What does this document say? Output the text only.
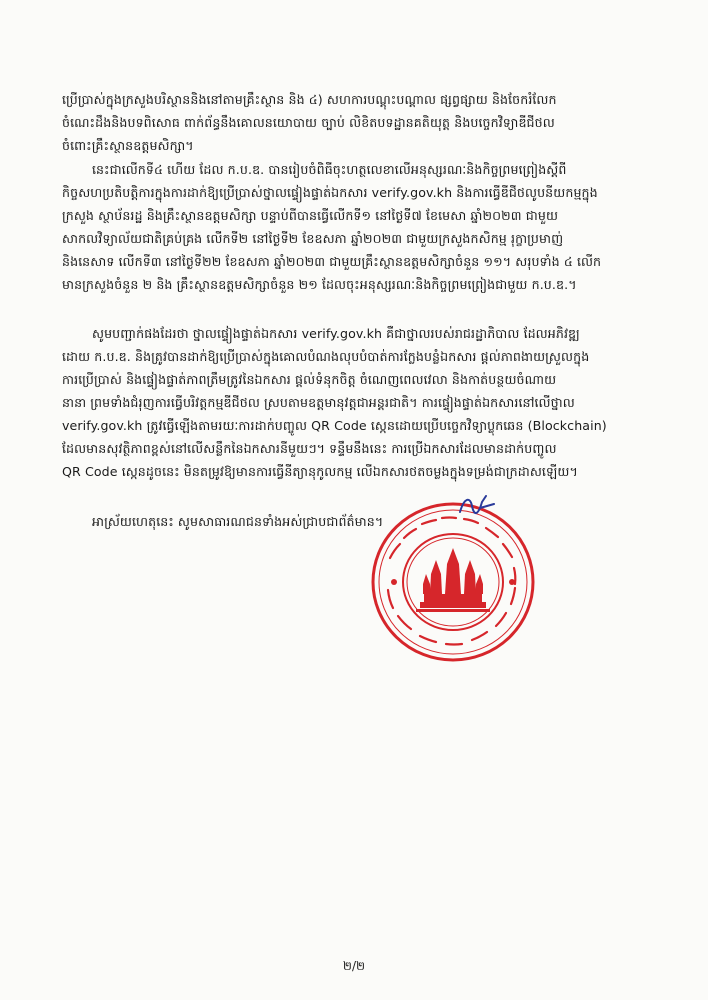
ប្រើប្រាស់ក្នុងក្រសួងបរិស្ថាននិងនៅតាមគ្រឹះស្ថាន និង ៤) សហការបណ្តុះបណ្តាល ផ្សព្វផ្សាយ និងចែករំលែក
ចំណេះដឹងនិងបទពិសោធ ពាក់ព័ន្ធនឹងគោលនយោបាយ ច្បាប់ លិខិតបទដ្ឋានគតិយុត្ត និងបច្ចេកវិទ្យាឌីជីថល
ចំពោះគ្រឹះស្ថានឧត្តមសិក្សា។
នេះជាលើកទី៤ ហើយ ដែល ក.ប.ឌ. បានរៀបចំពិធីចុះហត្ថលេខាលើអនុស្សរណៈនិងកិច្ចព្រមព្រៀងស្តីពី
កិច្ចសហប្រតិបត្តិការក្នុងការដាក់ឱ្យប្រើប្រាស់ថ្នាលផ្ទៀងផ្ទាត់ឯកសារ verify.gov.kh និងការធ្វើឌីជីថលូបនីយកម្មក្នុង
ក្រសួង ស្ថាប័នរដ្ឋ និងគ្រឹះស្ថានឧត្តមសិក្សា បន្ទាប់ពីបានធ្វើលើកទី១ នៅថ្ងៃទី៧ ខែមេសា ឆ្នាំ២០២៣ ជាមួយ
សាកលវិទ្យាល័យជាតិគ្រប់គ្រង លើកទី២ នៅថ្ងៃទី២ ខែឧសភា ឆ្នាំ២០២៣ ជាមួយក្រសួងកសិកម្ម រុក្ខាប្រមាញ់
និងនេសាទ លើកទី៣ នៅថ្ងៃទី២២ ខែឧសភា ឆ្នាំ២០២៣ ជាមួយគ្រឹះស្ថានឧត្តមសិក្សាចំនួន ១១។ សរុបទាំង ៤ លើក
មានក្រសួងចំនួន ២ និង គ្រឹះស្ថានឧត្តមសិក្សាចំនួន ២១ ដែលចុះអនុស្សរណៈនិងកិច្ចព្រមព្រៀងជាមួយ ក.ប.ឌ.។
សូមបញ្ជាក់ផងដែរថា ថ្នាលផ្ទៀងផ្ទាត់ឯកសារ verify.gov.kh គឺជាថ្នាលរបស់រាជរដ្ឋាភិបាល ដែលអភិវឌ្ឍ
ដោយ ក.ប.ឌ. និងត្រូវបានដាក់ឱ្យប្រើប្រាស់ក្នុងគោលបំណងលុបបំបាត់ការក្លែងបន្លំឯកសារ ផ្តល់ភាពងាយស្រួលក្នុង
ការប្រើប្រាស់ និងផ្ទៀងផ្ទាត់ភាពត្រឹមត្រូវនៃឯកសារ ផ្តល់ទំនុកចិត្ត ចំណេញពេលវេលា និងកាត់បន្ថយចំណាយ
នានា ព្រមទាំងជំរុញការធ្វើបរិវត្តកម្មឌីជីថល ស្របតាមឧត្តមានុវត្តជាអន្តរជាតិ។ ការផ្ទៀងផ្ទាត់ឯកសារនៅលើថ្នាល
verify.gov.kh ត្រូវធ្វើឡើងតាមរយៈការដាក់បញ្ចូល QR Code ស្កេនដោយប្រើបច្ចេកវិទ្យាប្លុកឆេន (Blockchain)
ដែលមានសុវត្ថិភាពខ្ពស់នៅលើសន្លឹកនៃឯកសារនីមួយៗ។ ទន្ទឹមនឹងនេះ ការប្រើឯកសារដែលមានដាក់បញ្ចូល
QR Code ស្កេនដូចនេះ មិនតម្រូវឱ្យមានការធ្វើនីត្យានុកូលកម្ម លើឯកសារថតចម្លងក្នុងទម្រង់ជាក្រដាសឡើយ។
អាស្រ័យហេតុនេះ សូមសាធារណជនទាំងអស់ជ្រាបជាព័ត៌មាន។
២/២
